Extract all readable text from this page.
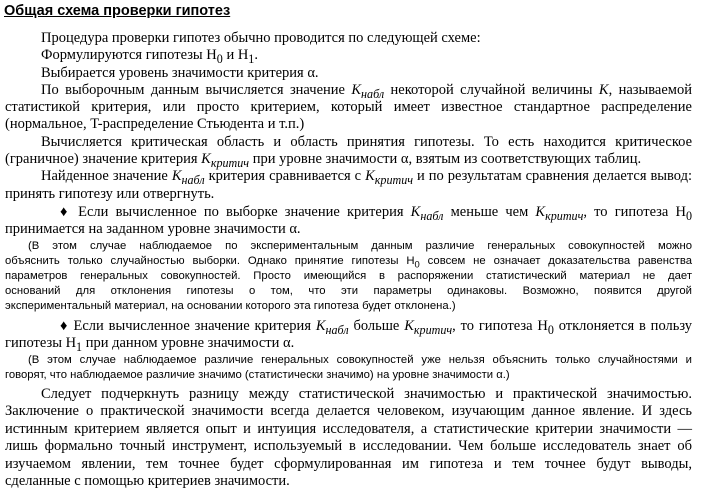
Общая схема проверки гипотез
Процедура проверки гипотез обычно проводится по следующей схеме:
Формулируются гипотезы $H_0$ и $H_1$.
Выбирается уровень значимости критерия α.
По выборочным данным вычисляется значение $K_{набл}$ некоторой случайной величины K, называемой
статистикой критерия, или просто критерием, который имеет известное стандартное распределение
(нормальное, T-распределение Стьюдента и т.п.)
Вычисляется критическая область и область принятия гипотезы. То есть находится критическое
(граничное) значение критерия $K_{критич}$ при уровне значимости α, взятым из соответствующих таблиц.
Найденное значение $K_{набл}$ критерия сравнивается с $K_{критич}$ и по результатам сравнения делается вывод:
принять гипотезу или отвергнуть.
♦ Если вычисленное по выборке значение критерия $K_{набл}$ меньше чем $K_{критич}$, то гипотеза $H_0$
принимается на заданном уровне значимости α.
(В этом случае наблюдаемое по экспериментальным данным различие генеральных совокупностей можно
объяснить только случайностью выборки. Однако принятие гипотезы $H_0$ совсем не означает доказательства равенства
параметров генеральных совокупностей. Просто имеющийся в распоряжении статистический материал не дает
оснований для отклонения гипотезы о том, что эти параметры одинаковы. Возможно, появится другой
экспериментальный материал, на основании которого эта гипотеза будет отклонена.)
♦ Если вычисленное значение критерия $K_{набл}$ больше $K_{критич}$, то гипотеза $H_0$ отклоняется в пользу
гипотезы $H_1$ при данном уровне значимости α.
(В этом случае наблюдаемое различие генеральных совокупностей уже нельзя объяснить только случайностями и
говорят, что наблюдаемое различие значимо (статистически значимо) на уровне значимости α.)
Следует подчеркнуть разницу между статистической значимостью и практической значимостью.
Заключение о практической значимости всегда делается человеком, изучающим данное явление. И здесь
истинным критерием является опыт и интуиция исследователя, а статистические критерии значимости —
лишь формально точный инструмент, используемый в исследовании. Чем больше исследователь знает об
изучаемом явлении, тем точнее будет сформулированная им гипотеза и тем точнее будут выводы,
сделанные с помощью критериев значимости.
